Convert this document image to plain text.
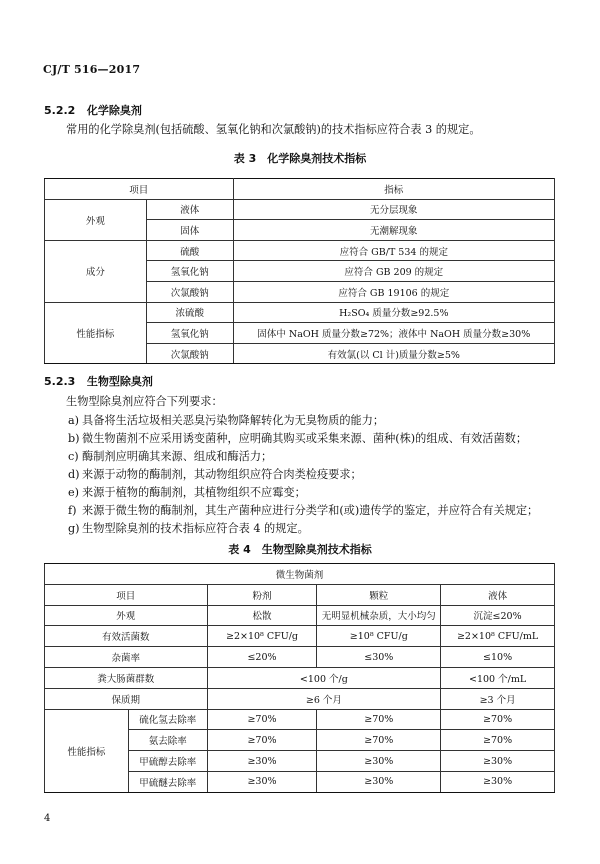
CJ/T 516—2017
5.2.2 化学除臭剂
常用的化学除臭剂(包括硫酸、氢氧化钠和次氯酸钠)的技术指标应符合表 3 的规定。
表 3　化学除臭剂技术指标
项目		指标
外观	液体	无分层现象
	固体	无潮解现象
成分	硫酸	应符合 GB/T 534 的规定
	氢氧化钠	应符合 GB 209 的规定
	次氯酸钠	应符合 GB 19106 的规定
性能指标	浓硫酸	H₂SO₄ 质量分数≥92.5%
	氢氧化钠	固体中 NaOH 质量分数≥72%；液体中 NaOH 质量分数≥30%
	次氯酸钠	有效氯(以 Cl 计)质量分数≥5%
5.2.3 生物型除臭剂
生物型除臭剂应符合下列要求：
a) 具备将生活垃圾相关恶臭污染物降解转化为无臭物质的能力；
b) 微生物菌剂不应采用诱变菌种，应明确其购买或采集来源、菌种(株)的组成、有效活菌数；
c) 酶制剂应明确其来源、组成和酶活力；
d) 来源于动物的酶制剂，其动物组织应符合肉类检疫要求；
e) 来源于植物的酶制剂，其植物组织不应霉变；
f) 来源于微生物的酶制剂，其生产菌种应进行分类学和(或)遗传学的鉴定，并应符合有关规定；
g) 生物型除臭剂的技术指标应符合表 4 的规定。
表 4　生物型除臭剂技术指标
微生物菌剂				
项目		粉剂	颗粒	液体
外观		松散	无明显机械杂质，大小均匀	沉淀≤20%
有效活菌数		≥2×10⁸ CFU/g	≥10⁸ CFU/g	≥2×10⁸ CFU/mL
杂菌率		≤20%	≤30%	≤10%
粪大肠菌群数		<100 个/g		<100 个/mL
保质期		≥6 个月		≥3 个月
性能指标	硫化氢去除率	≥70%	≥70%	≥70%
	氨去除率	≥70%	≥70%	≥70%
	甲硫醇去除率	≥30%	≥30%	≥30%
	甲硫醚去除率	≥30%	≥30%	≥30%
4
